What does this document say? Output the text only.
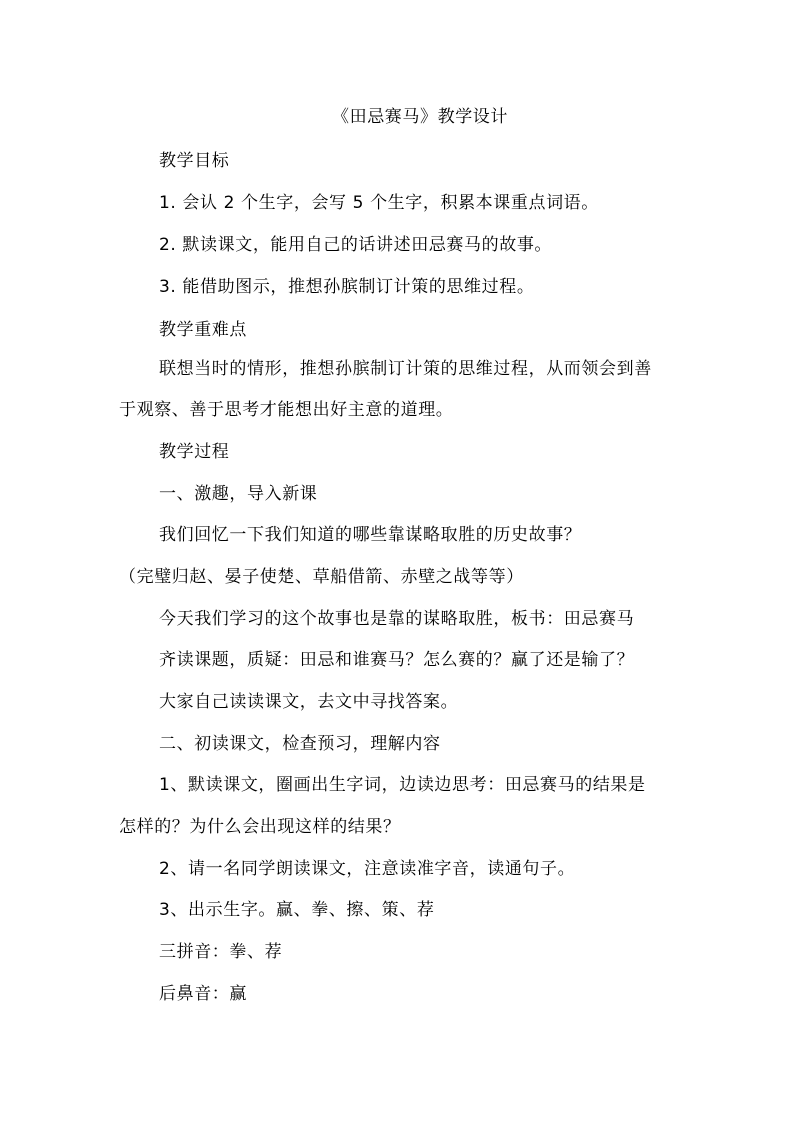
《田忌赛马》教学设计
教学目标
1. 会认 2 个生字，会写 5 个生字，积累本课重点词语。
2. 默读课文，能用自己的话讲述田忌赛马的故事。
3. 能借助图示，推想孙膑制订计策的思维过程。
教学重难点
联想当时的情形，推想孙膑制订计策的思维过程，从而领会到善
于观察、善于思考才能想出好主意的道理。
教学过程
一、激趣，导入新课
我们回忆一下我们知道的哪些靠谋略取胜的历史故事？
（完璧归赵、晏子使楚、草船借箭、赤壁之战等等）
今天我们学习的这个故事也是靠的谋略取胜，板书：田忌赛马
齐读课题，质疑：田忌和谁赛马？怎么赛的？赢了还是输了？
大家自己读读课文，去文中寻找答案。
二、初读课文，检查预习，理解内容
1、默读课文，圈画出生字词，边读边思考：田忌赛马的结果是
怎样的？为什么会出现这样的结果？
2、请一名同学朗读课文，注意读准字音，读通句子。
3、出示生字。赢、拳、擦、策、荐
三拼音：拳、荐
后鼻音：赢
